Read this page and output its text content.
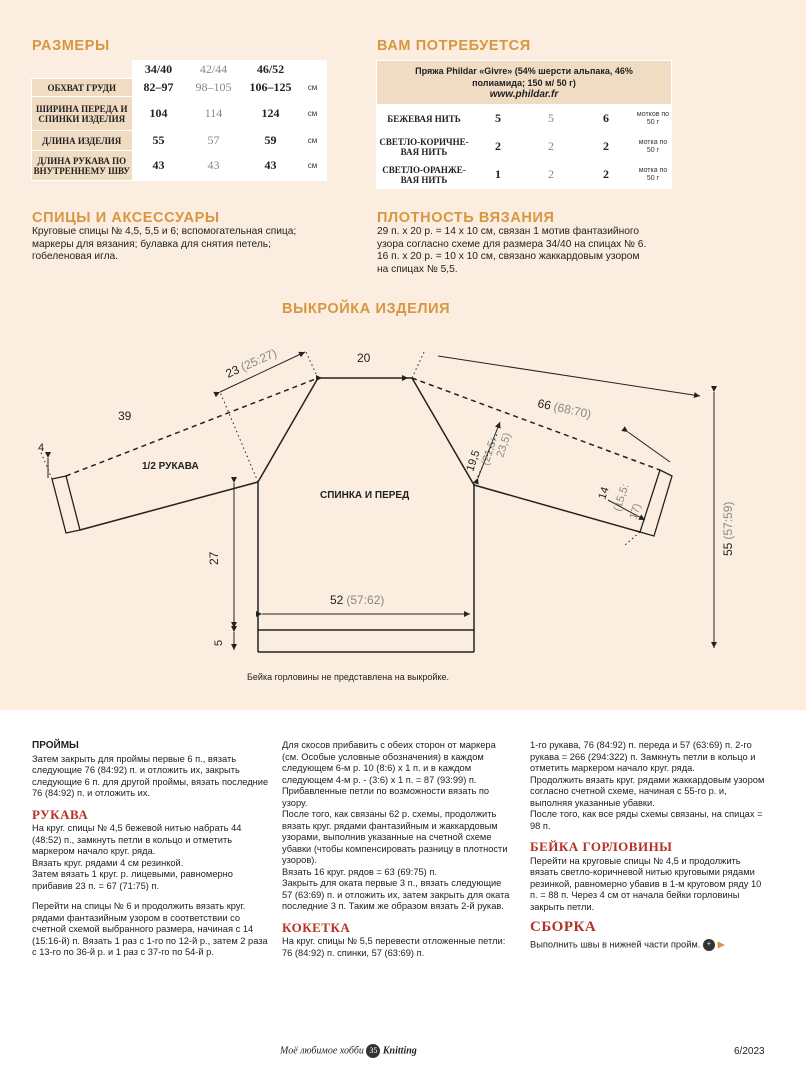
РАЗМЕРЫ
	34/40	42/44	46/52	
ОБХВАТ ГРУДИ	82–97	98–105	106–125	см
ШИРИНА ПЕРЕДА И СПИНКИ ИЗДЕЛИЯ	104	114	124	см
ДЛИНА ИЗДЕЛИЯ	55	57	59	см
ДЛИНА РУКАВА ПО ВНУТРЕННЕМУ ШВУ	43	43	43	см
ВАМ ПОТРЕБУЕТСЯ
Пряжа Phildar «Givre» (54% шерсти альпака, 46%
полиамида; 150 м/ 50 г)
www.phildar.fr				

БЕЖЕВАЯ НИТЬ	5	5	6	мотков по 50 г
СВЕТЛО-КОРИЧНЕ-ВАЯ НИТЬ	2	2	2	мотка по 50 г
СВЕТЛО-ОРАНЖЕ-ВАЯ НИТЬ	1	2	2	мотка по 50 г
СПИЦЫ И АКСЕССУАРЫ
Круговые спицы № 4,5, 5,5 и 6; вспомогательная спица;
маркеры для вязания; булавка для снятия петель;
гобеленовая игла.
ПЛОТНОСТЬ ВЯЗАНИЯ
29 п. х 20 р. = 14 х 10 см, связан 1 мотив фантазийного
узора согласно схеме для размера 34/40 на спицах № 6.
16 п. х 20 р. = 10 х 10 см, связано жаккардовым узором
на спицах № 5,5.
ВЫКРОЙКА ИЗДЕЛИЯ
20
23(25:27)
39
4
66(68:70)
19,5
(21,5:
23,5)
14 (15,5:
17)
27
52 (57:62)
5
55(57:59)
1/2 РУКАВА
СПИНКА И ПЕРЕД
Бейка горловины не представлена на выкройке.
ПРОЙМЫ

Затем закрыть для проймы первые 6 п., вязать следующие 76 (84:92) п. и отложить их, закрыть следующие 6 п. для другой проймы, вязать последние 76 (84:92) п. и отложить их.

РУКАВА

На круг. спицы № 4,5 бежевой нитью набрать 44 (48:52) п., замкнуть петли в кольцо и отметить маркером начало круг. ряда.

Вязать круг. рядами 4 см резинкой.

Затем вязать 1 круг. р. лицевыми, равномерно прибавив 23 п. = 67 (71:75) п.

Перейти на спицы № 6 и продолжить вязать круг. рядами фантазийным узором в соответствии со счетной схемой выбранного размера, начиная с 14 (15:16-й) п. Вязать 1 раз с 1-го по 12-й р., затем 2 раза с 13-го по 36-й р. и 1 раз с 37-го по 54-й р.

Для скосов прибавить с обеих сторон от маркера (см. Особые условные обозначения) в каждом следующем 6-м р. 10 (8:6) х 1 п. и в каждом следующем 4-м р. - (3:6) х 1 п. = 87 (93:99) п.

Прибавленные петли по возможности вязать по узору.

После того, как связаны 62 р. схемы, продолжить вязать круг. рядами фантазийным и жаккардовым узорами, выполнив указанные на счетной схеме убавки (чтобы компенсировать разницу в плотности узоров).

Вязать 16 круг. рядов = 63 (69:75) п.

Закрыть для оката первые 3 п., вязать следующие 57 (63:69) п. и отложить их, затем закрыть для оката последние 3 п. Таким же образом вязать 2-й рукав.

КОКЕТКА

На круг. спицы № 5,5 перевести отложенные петли: 76 (84:92) п. спинки, 57 (63:69) п.

1-го рукава, 76 (84:92) п. переда и 57 (63:69) п. 2-го рукава = 266 (294:322) п. Замкнуть петли в кольцо и отметить маркером начало круг. ряда.

Продолжить вязать круг. рядами жаккардовым узором согласно счетной схеме, начиная с 55-го р. и, выполняя указанные убавки.

После того, как все ряды схемы связаны, на спицах = 98 п.

БЕЙКА ГОРЛОВИНЫ

Перейти на круговые спицы № 4,5 и продолжить вязать светло-коричневой нитью круговыми рядами резинкой, равномерно убавив в 1-м круговом ряду 10 п. = 88 п. Через 4 см от начала бейки горловины закрыть петли.

СБОРКА

Выполнить швы в нижней части пройм. + ▶

Моё любимое хобби 35 Knitting	6/2023
